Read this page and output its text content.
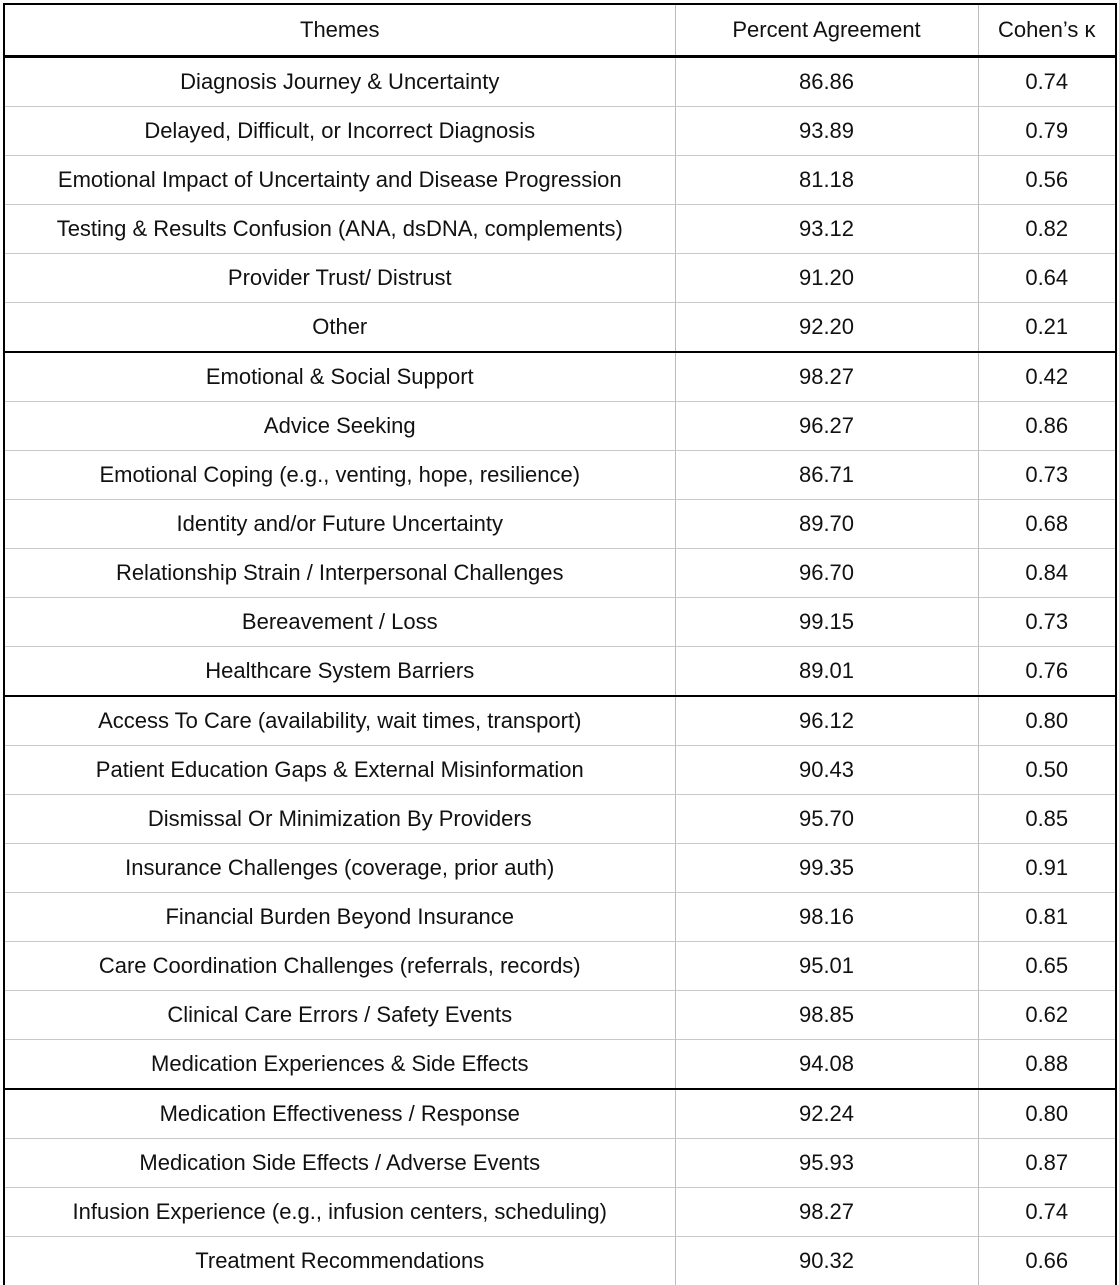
Themes	Percent Agreement	Cohen’s κ
Diagnosis Journey & Uncertainty	86.86	0.74
Delayed, Difficult, or Incorrect Diagnosis	93.89	0.79
Emotional Impact of Uncertainty and Disease Progression	81.18	0.56
Testing & Results Confusion (ANA, dsDNA, complements)	93.12	0.82
Provider Trust/ Distrust	91.20	0.64
Other	92.20	0.21
Emotional & Social Support	98.27	0.42
Advice Seeking	96.27	0.86
Emotional Coping (e.g., venting, hope, resilience)	86.71	0.73
Identity and/or Future Uncertainty	89.70	0.68
Relationship Strain / Interpersonal Challenges	96.70	0.84
Bereavement / Loss	99.15	0.73
Healthcare System Barriers	89.01	0.76
Access To Care (availability, wait times, transport)	96.12	0.80
Patient Education Gaps & External Misinformation	90.43	0.50
Dismissal Or Minimization By Providers	95.70	0.85
Insurance Challenges (coverage, prior auth)	99.35	0.91
Financial Burden Beyond Insurance	98.16	0.81
Care Coordination Challenges (referrals, records)	95.01	0.65
Clinical Care Errors / Safety Events	98.85	0.62
Medication Experiences & Side Effects	94.08	0.88
Medication Effectiveness / Response	92.24	0.80
Medication Side Effects / Adverse Events	95.93	0.87
Infusion Experience (e.g., infusion centers, scheduling)	98.27	0.74
Treatment Recommendations	90.32	0.66
